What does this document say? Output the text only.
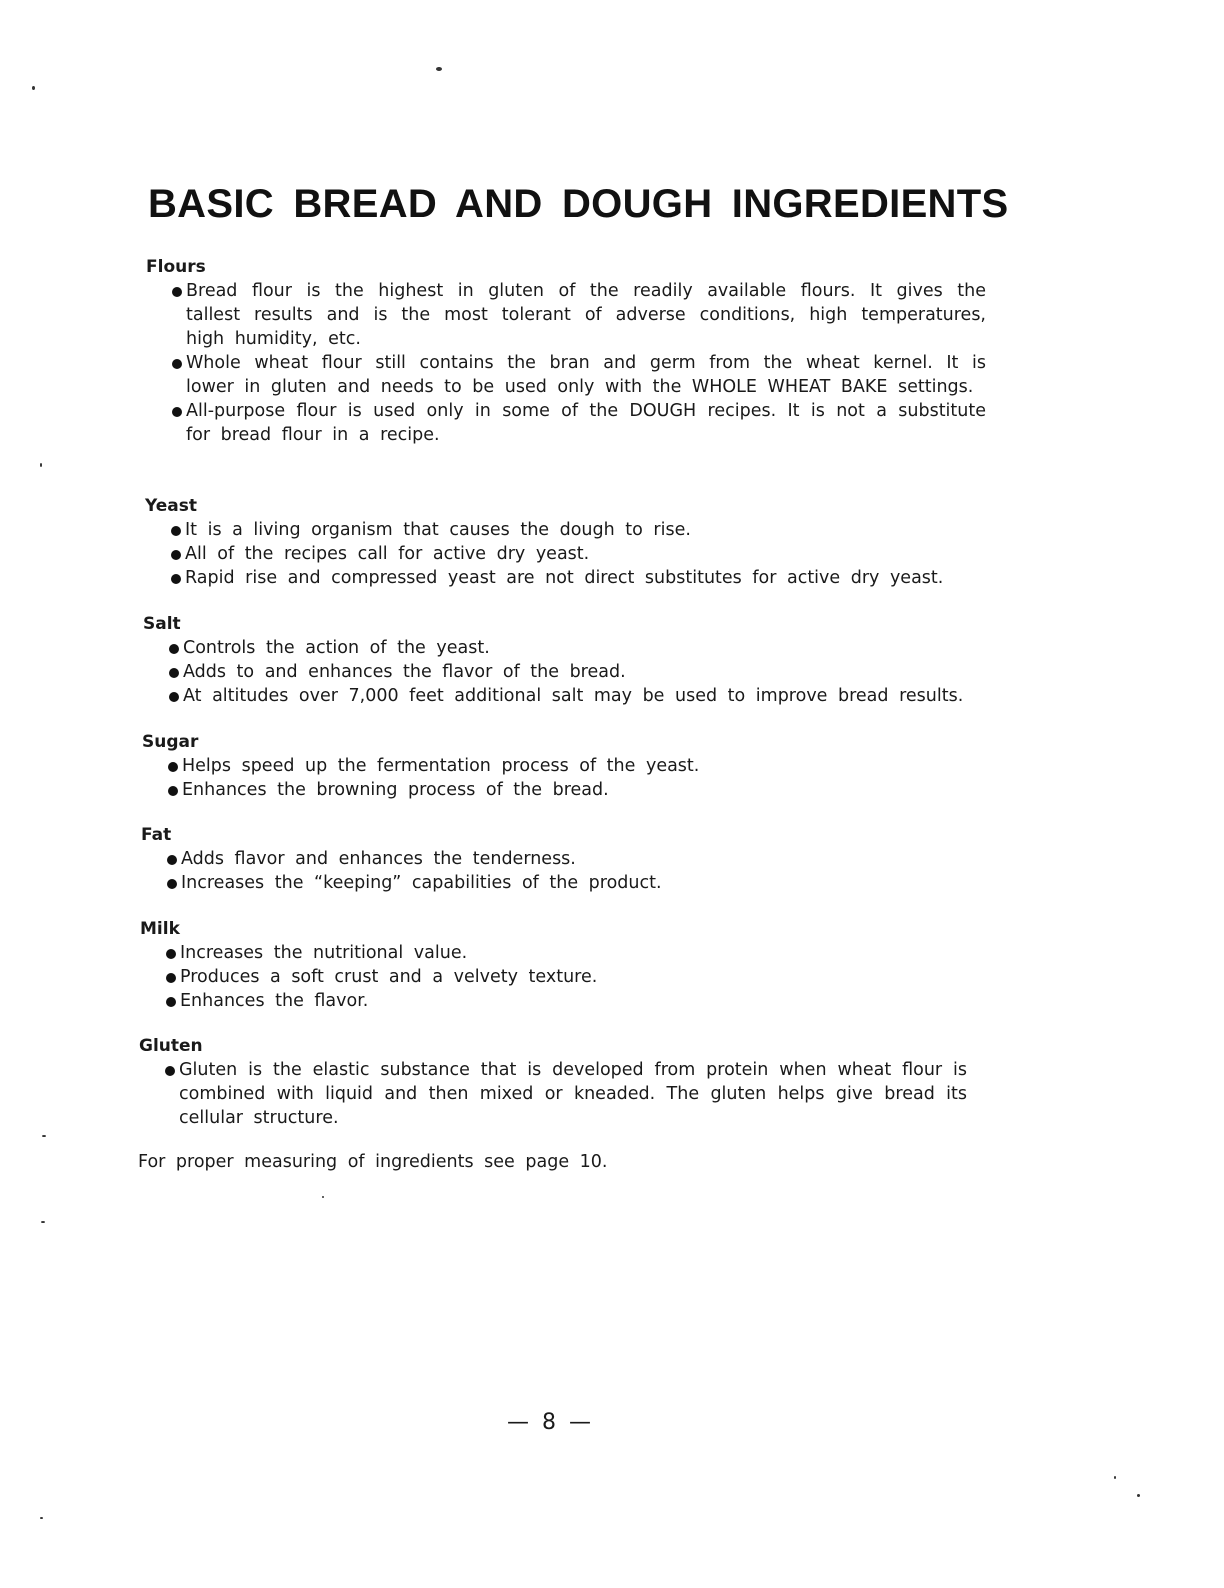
BASIC BREAD AND DOUGH INGREDIENTS
Flours
Bread flour is the highest in gluten of the readily available flours. It gives the tallest results and is the most tolerant of adverse conditions, high temperatures, high humidity, etc.
Whole wheat flour still contains the bran and germ from the wheat kernel. It is lower in gluten and needs to be used only with the WHOLE WHEAT BAKE settings.
All-purpose flour is used only in some of the DOUGH recipes. It is not a substitute for bread flour in a recipe.
Yeast
It is a living organism that causes the dough to rise.
All of the recipes call for active dry yeast.
Rapid rise and compressed yeast are not direct substitutes for active dry yeast.
Salt
Controls the action of the yeast.
Adds to and enhances the flavor of the bread.
At altitudes over 7,000 feet additional salt may be used to improve bread results.
Sugar
Helps speed up the fermentation process of the yeast.
Enhances the browning process of the bread.
Fat
Adds flavor and enhances the tenderness.
Increases the “keeping” capabilities of the product.
Milk
Increases the nutritional value.
Produces a soft crust and a velvety texture.
Enhances the flavor.
Gluten
Gluten is the elastic substance that is developed from protein when wheat flour is combined with liquid and then mixed or kneaded. The gluten helps give bread its cellular structure.
For proper measuring of ingredients see page 10.
— 8 —
